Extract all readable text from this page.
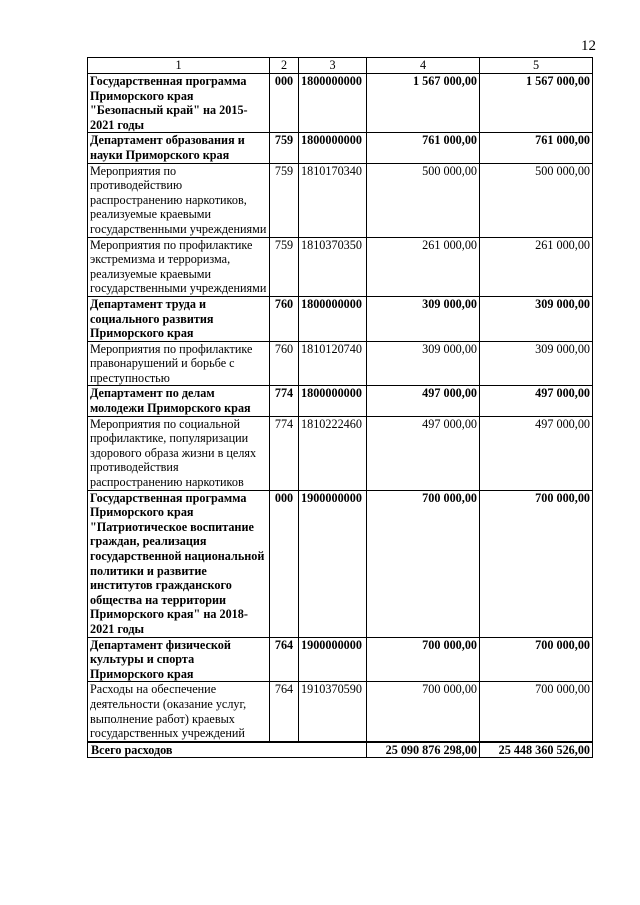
12
1	2	3	4	5
Государственная программа Приморского края "Безопасный край" на 2015-2021 годы	000	1800000000	1 567 000,00	1 567 000,00
Департамент образования и науки Приморского края	759	1800000000	761 000,00	761 000,00
Мероприятия по противодействию распространению наркотиков, реализуемые краевыми государственными учреждениями	759	1810170340	500 000,00	500 000,00
Мероприятия по профилактике экстремизма и терроризма, реализуемые краевыми государственными учреждениями	759	1810370350	261 000,00	261 000,00
Департамент труда и социального развития Приморского края	760	1800000000	309 000,00	309 000,00
Мероприятия по профилактике правонарушений и борьбе с преступностью	760	1810120740	309 000,00	309 000,00
Департамент по делам молодежи Приморского края	774	1800000000	497 000,00	497 000,00
Мероприятия по социальной профилактике, популяризации здорового образа жизни в целях противодействия распространению наркотиков	774	1810222460	497 000,00	497 000,00
Государственная программа Приморского края "Патриотическое воспитание граждан, реализация государственной национальной политики и развитие институтов гражданского общества на территории Приморского края" на 2018-2021 годы	000	1900000000	700 000,00	700 000,00
Департамент физической культуры и спорта Приморского края	764	1900000000	700 000,00	700 000,00
Расходы на обеспечение деятельности (оказание услуг, выполнение работ) краевых государственных учреждений	764	1910370590	700 000,00	700 000,00
Всего расходов			25 090 876 298,00	25 448 360 526,00
